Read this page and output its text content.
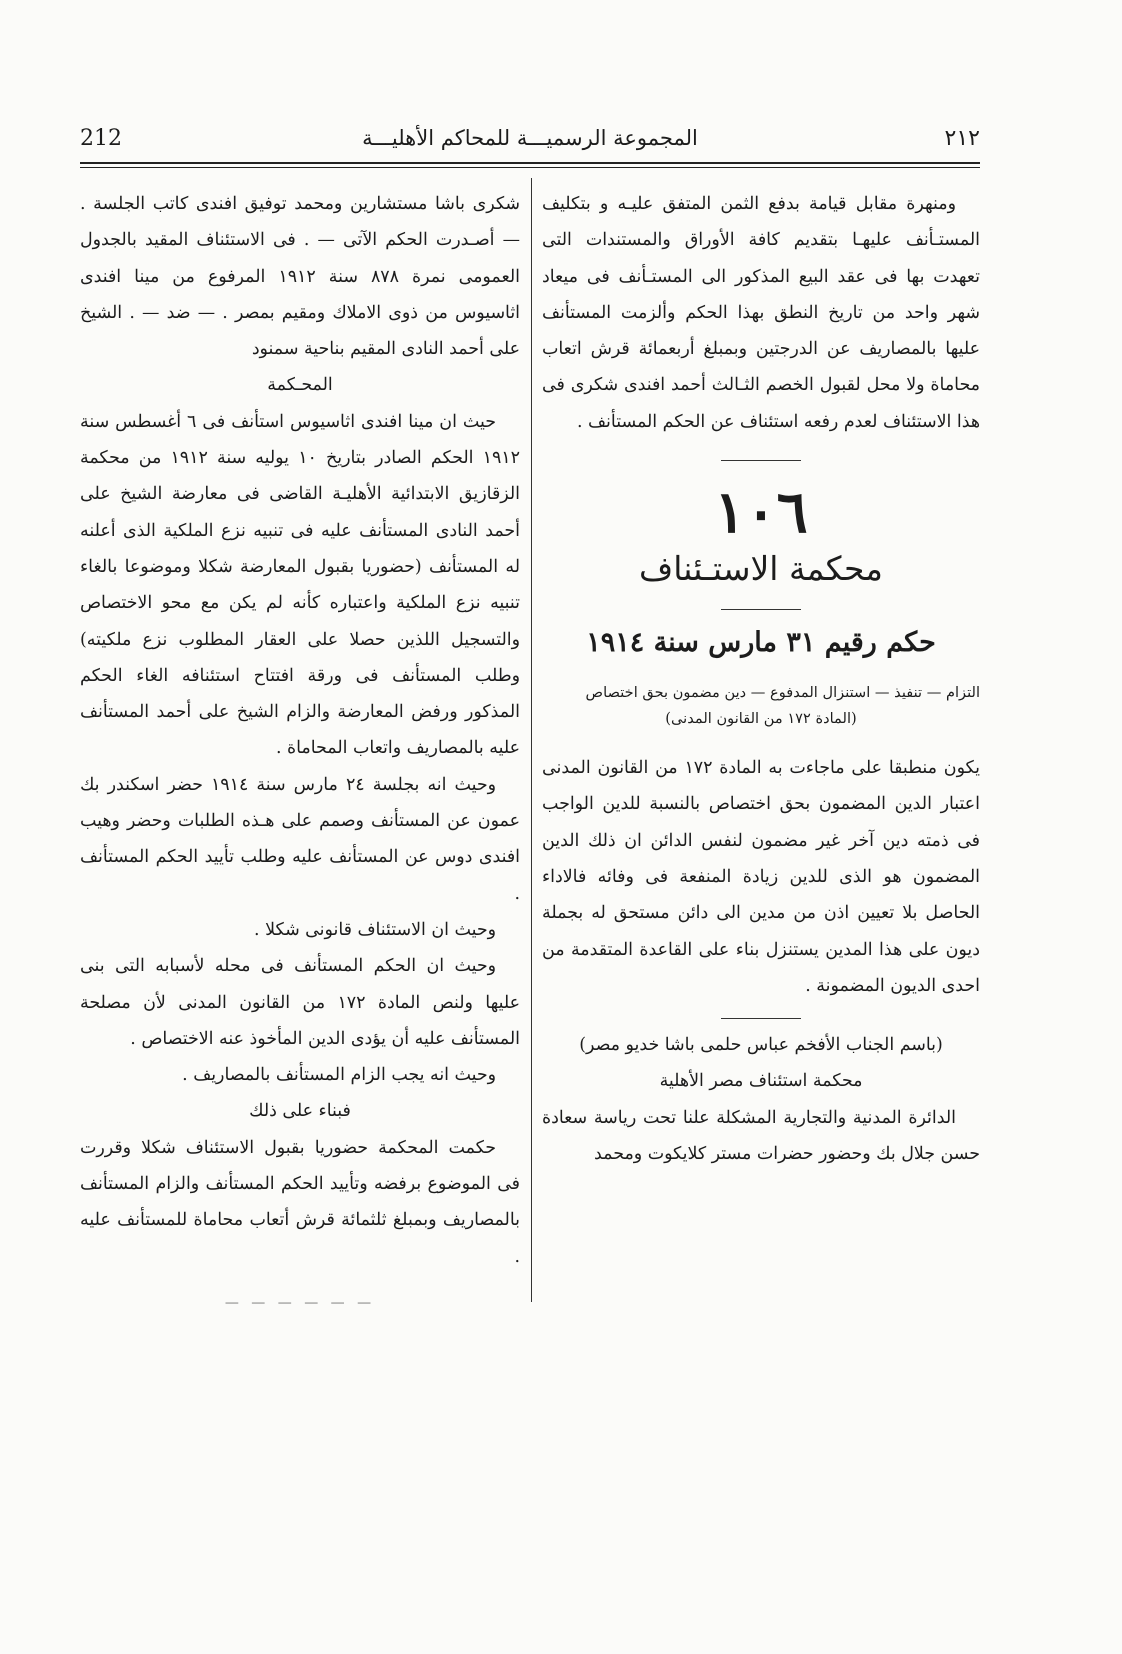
٢١٢
المجموعة الرسميـــة للمحاكم الأهليـــة
212

ومنهرة مقابل قيامة بدفع الثمن المتفق عليـه و بتكليف المستـأنف عليهـا بتقديم كافة الأوراق والمستندات التى تعهدت بها فى عقد البيع المذكور الى المستـأنف فى ميعاد شهر واحد من تاريخ النطق بهذا الحكم وألزمت المستأنف عليها بالمصاريف عن الدرجتين وبمبلغ أربعمائة قرش اتعاب محاماة ولا محل لقبول الخصم الثـالث أحمد افندى شكرى فى هذا الاستئناف لعدم رفعه استئناف عن الحكم المستأنف .

١٠٦
محكمة الاستـئناف
حكم رقيم ٣١ مارس سنة ١٩١٤

التزام — تنفيذ — استنزال المدفوع — دين مضمون بحق اختصاص

(المادة ١٧٢ من القانون المدنى)

يكون منطبقا على ماجاءت به المادة ١٧٢ من القانون المدنى اعتبار الدين المضمون بحق اختصاص بالنسبة للدين الواجب فى ذمته دين آخر غير مضمون لنفس الدائن ان ذلك الدين المضمون هو الذى للدين زيادة المنفعة فى وفائه فالاداء الحاصل بلا تعيين اذن من مدين الى دائن مستحق له بجملة ديون على هذا المدين يستنزل بناء على القاعدة المتقدمة من احدى الديون المضمونة .

(باسم الجناب الأفخم عباس حلمى باشا خديو مصر)
محكمة استئناف مصر الأهلية

الدائرة المدنية والتجارية المشكلة علنا تحت رياسة سعادة حسن جلال بك وحضور حضرات مستر كلايكوت ومحمد

شكرى باشا مستشارين ومحمد توفيق افندى كاتب الجلسة . — أصـدرت الحكم الآتى — . فى الاستئناف المقيد بالجدول العمومى نمرة ٨٧٨ سنة ١٩١٢ المرفوع من مينا افندى اثاسيوس من ذوى الاملاك ومقيم بمصر . — ضد — . الشيخ على أحمد النادى المقيم بناحية سمنود

المحـكمة

حيث ان مينا افندى اثاسيوس استأنف فى ٦ أغسطس سنة ١٩١٢ الحكم الصادر بتاريخ ١٠ يوليه سنة ١٩١٢ من محكمة الزقازيق الابتدائية الأهليـة القاضى فى معارضة الشيخ على أحمد النادى المستأنف عليه فى تنبيه نزع الملكية الذى أعلنه له المستأنف (حضوريا بقبول المعارضة شكلا وموضوعا بالغاء تنبيه نزع الملكية واعتباره كأنه لم يكن مع محو الاختصاص والتسجيل اللذين حصلا على العقار المطلوب نزع ملكيته) وطلب المستأنف فى ورقة افتتاح استئنافه الغاء الحكم المذكور ورفض المعارضة والزام الشيخ على أحمد المستأنف عليه بالمصاريف واتعاب المحاماة .

وحيث انه بجلسة ٢٤ مارس سنة ١٩١٤ حضر اسكندر بك عمون عن المستأنف وصمم على هـذه الطلبات وحضر وهيب افندى دوس عن المستأنف عليه وطلب تأييد الحكم المستأنف .

وحيث ان الاستئناف قانونى شكلا .

وحيث ان الحكم المستأنف فى محله لأسبابه التى بنى عليها ولنص المادة ١٧٢ من القانون المدنى لأن مصلحة المستأنف عليه أن يؤدى الدين المأخوذ عنه الاختصاص .

وحيث انه يجب الزام المستأنف بالمصاريف .

فبناء على ذلك

حكمت المحكمة حضوريا بقبول الاستئناف شكلا وقررت فى الموضوع برفضه وتأييد الحكم المستأنف والزام المستأنف بالمصاريف وبمبلغ ثلثمائة قرش أتعاب محاماة للمستأنف عليه .

— — — — — —
